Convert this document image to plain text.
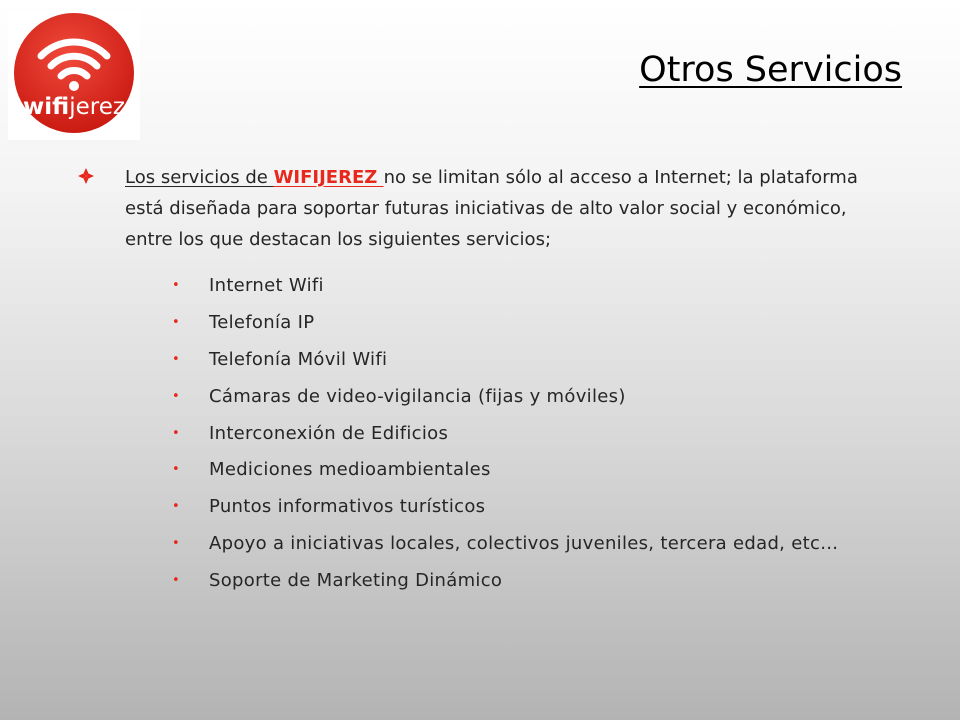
wifijerez
Otros Servicios

Los servicios de WIFIJEREZ no se limitan sólo al acceso a Internet; la plataforma está diseñada para soportar futuras iniciativas de alto valor social y económico, entre los que destacan los siguientes servicios;

• Internet Wifi
• Telefonía IP
• Telefonía Móvil Wifi
• Cámaras de video-vigilancia (fijas y móviles)
• Interconexión de Edificios
• Mediciones medioambientales
• Puntos informativos turísticos
• Apoyo a iniciativas locales, colectivos juveniles, tercera edad, etc…
• Soporte de Marketing Dinámico
